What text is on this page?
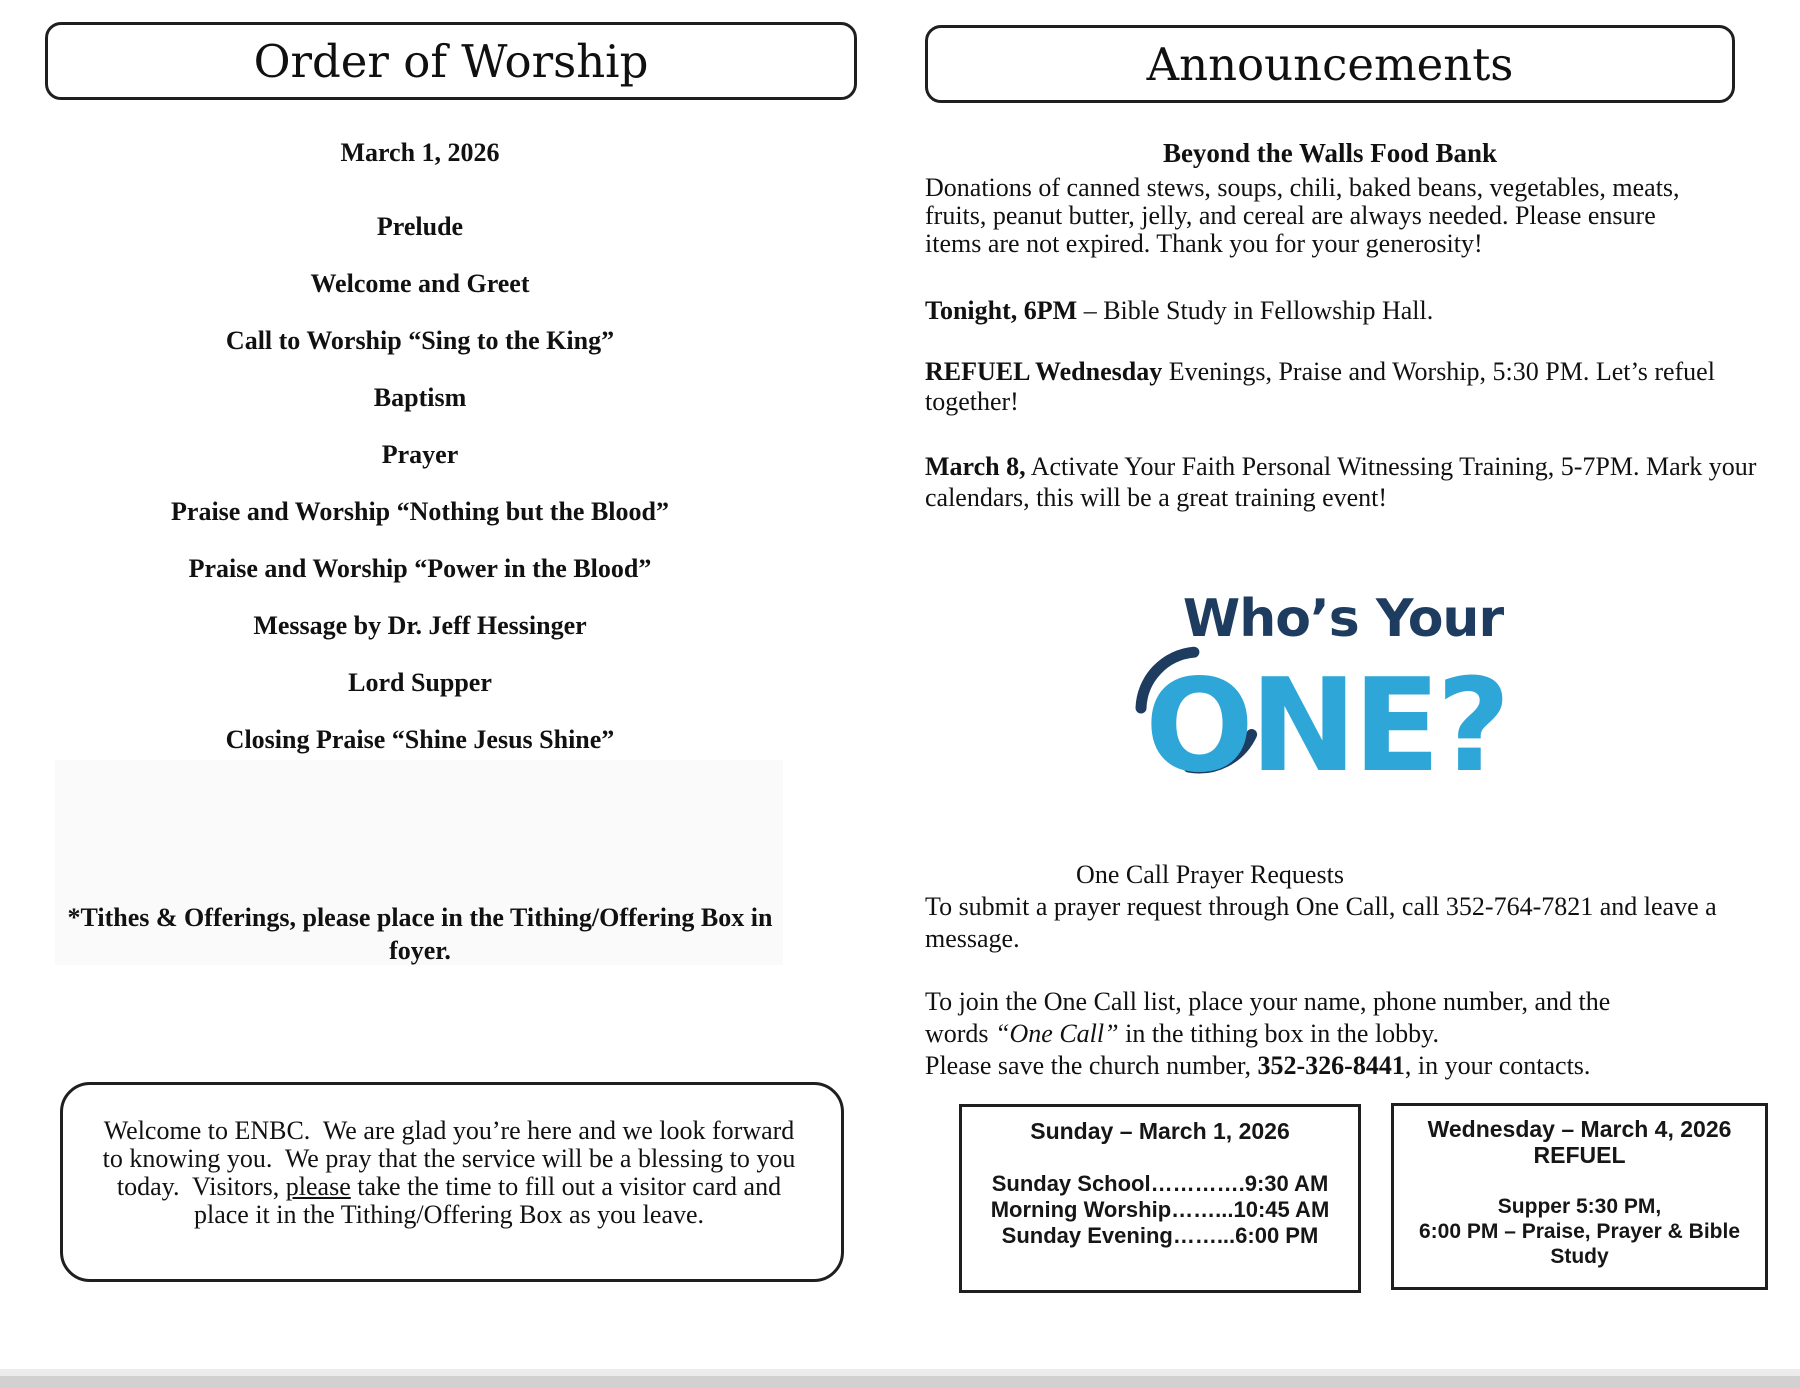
Order of Worship
March 1, 2026
Prelude
Welcome and Greet
Call to Worship “Sing to the King”
Baptism
Prayer
Praise and Worship “Nothing but the Blood”
Praise and Worship “Power in the Blood”
Message by Dr. Jeff Hessinger
Lord Supper
Closing Praise “Shine Jesus Shine”
*Tithes & Offerings, please place in the Tithing/Offering Box in
foyer.
Welcome to ENBC.  We are glad you’re here and we look forward
to knowing you.  We pray that the service will be a blessing to you
today.  Visitors, please take the time to fill out a visitor card and
place it in the Tithing/Offering Box as you leave.
Announcements
Beyond the Walls Food Bank
Donations of canned stews, soups, chili, baked beans, vegetables, meats,
fruits, peanut butter, jelly, and cereal are always needed. Please ensure
items are not expired. Thank you for your generosity!
Tonight, 6PM – Bible Study in Fellowship Hall.
REFUEL Wednesday Evenings, Praise and Worship, 5:30 PM. Let’s refuel together!
March 8, Activate Your Faith Personal Witnessing Training, 5-7PM. Mark your calendars, this will be a great training event!
Who’s Your
ONE?
One Call Prayer Requests
To submit a prayer request through One Call, call 352-764-7821 and leave a message.
To join the One Call list, place your name, phone number, and the
words “One Call” in the tithing box in the lobby.
Please save the church number, 352-326-8441, in your contacts.
Sunday – March 1, 2026
Sunday School………….9:30 AM
Morning Worship……...10:45 AM
Sunday Evening……...6:00 PM
Wednesday – March 4, 2026
REFUEL
Supper 5:30 PM,
6:00 PM – Praise, Prayer & Bible
Study
